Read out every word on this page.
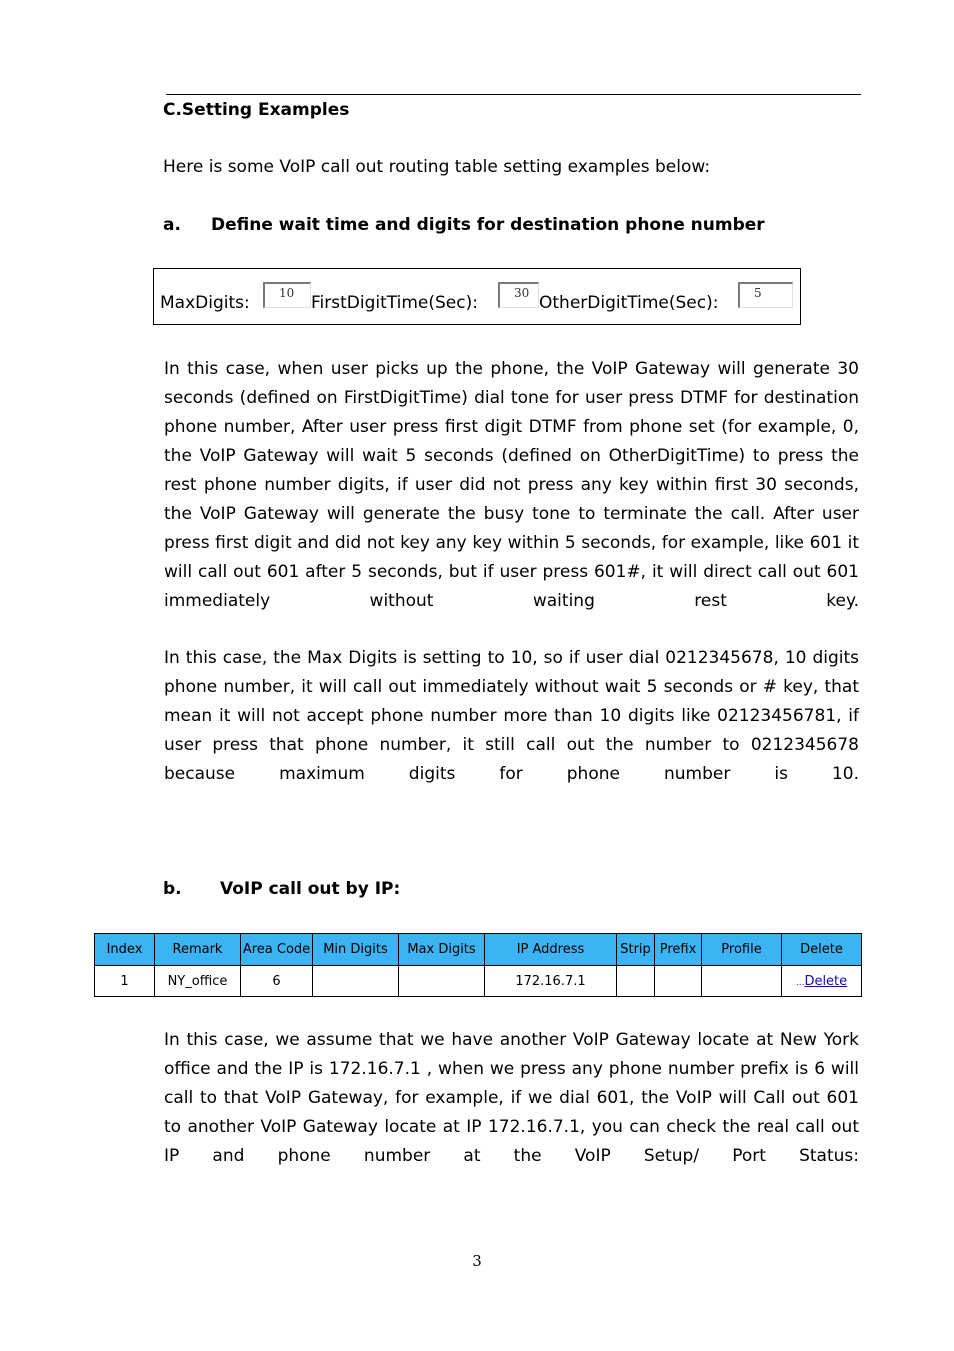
C.Setting Examples
Here is some VoIP call out routing table setting examples below:
a. Define wait time and digits for destination phone number
MaxDigits:	10 FirstDigitTime(Sec):	30 OtherDigitTime(Sec):	5

In this case, when user picks up the phone, the VoIP Gateway will generate 30 seconds (defined on FirstDigitTime) dial tone for user press DTMF for destination phone number, After user press first digit DTMF from phone set (for example, 0, the VoIP Gateway will wait 5 seconds (defined on OtherDigitTime) to press the rest phone number digits, if user did not press any key within first 30 seconds, the VoIP Gateway will generate the busy tone to terminate the call. After user press first digit and did not key any key within 5 seconds, for example, like 601 it will call out 601 after 5 seconds, but if user press 601#, it will direct call out 601 immediately without waiting rest key.

In this case, the Max Digits is setting to 10, so if user dial 0212345678, 10 digits phone number, it will call out immediately without wait 5 seconds or # key, that mean it will not accept phone number more than 10 digits like 02123456781, if user press that phone number, it still call out the number to 0212345678 because maximum digits for phone number is 10.

b. VoIP call out by IP:
Index	Remark	Area Code	Min Digits	Max Digits	IP Address	Strip	Prefix	Profile	Delete
1	NY_office	6			172.16.7.1				...Delete

In this case, we assume that we have another VoIP Gateway locate at New York office and the IP is 172.16.7.1 , when we press any phone number prefix is 6 will call to that VoIP Gateway, for example, if we dial 601, the VoIP will Call out 601 to another VoIP Gateway locate at IP 172.16.7.1, you can check the real call out IP and phone number at the VoIP Setup/ Port Status:

3
